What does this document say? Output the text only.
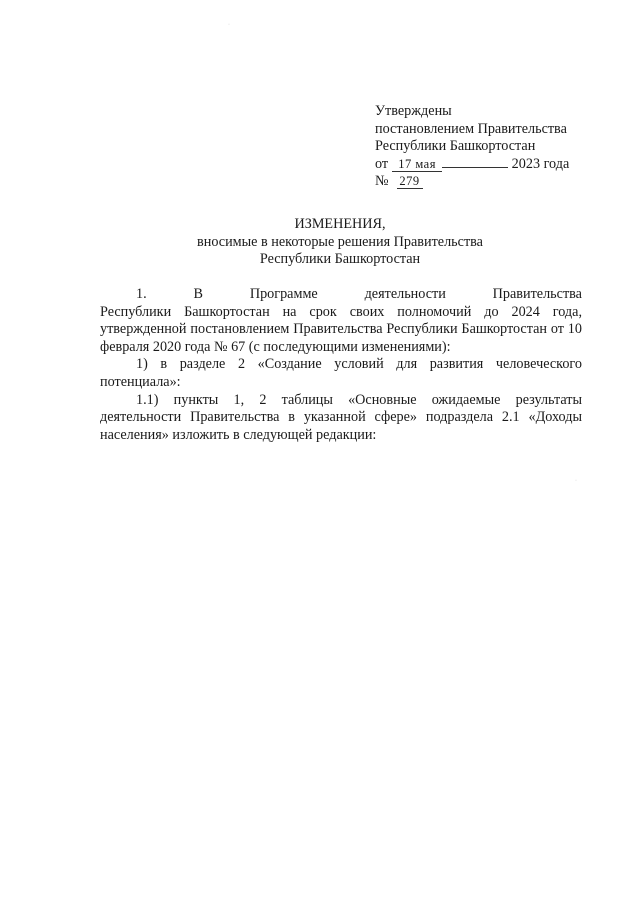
Утверждены
постановлением Правительства
Республики Башкортостан
от 17 мая	2023 года
№ 279
ИЗМЕНЕНИЯ,
вносимые в некоторые решения Правительства
Республики Башкортостан
1.	В	Программе	деятельности	Правительства
Республики Башкортостан на срок своих полномочий до 2024 года, утвержденной постановлением Правительства Республики Башкортостан от 10 февраля 2020 года № 67 (с последующими изменениями):
1) в разделе 2 «Создание условий для развития человеческого потенциала»:
1.1) пункты 1, 2 таблицы «Основные ожидаемые результаты деятельности Правительства в указанной сфере» подраздела 2.1 «Доходы населения» изложить в следующей редакции:
·
·
